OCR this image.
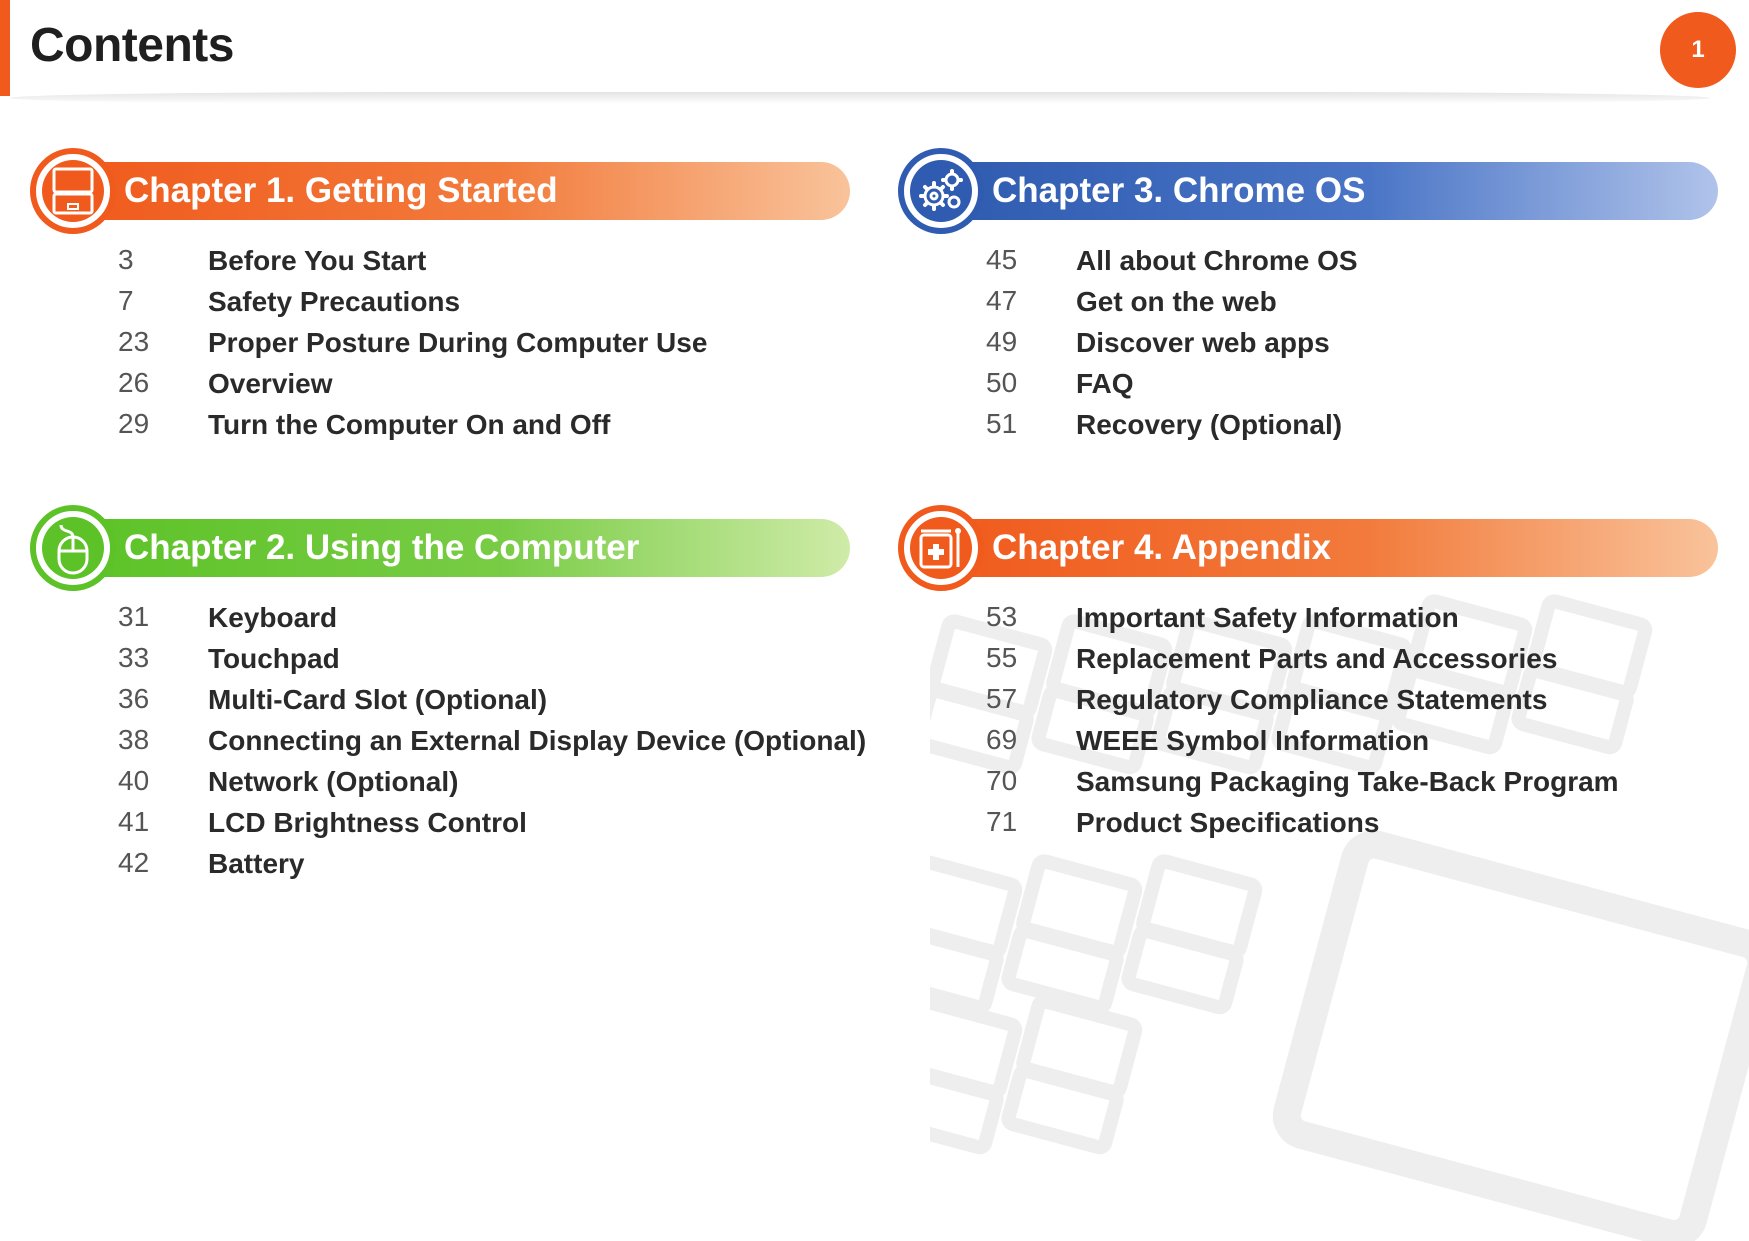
Contents	1
Chapter 1. Getting Started
3	Before You Start
7	Safety Precautions
23	Proper Posture During Computer Use
26	Overview
29	Turn the Computer On and Off
Chapter 2. Using the Computer
31	Keyboard
33	Touchpad
36	Multi-Card Slot (Optional)
38	Connecting an External Display Device (Optional)
40	Network (Optional)
41	LCD Brightness Control
42	Battery
Chapter 3. Chrome OS
45	All about Chrome OS
47	Get on the web
49	Discover web apps
50	FAQ
51	Recovery (Optional)
Chapter 4. Appendix
53	Important Safety Information
55	Replacement Parts and Accessories
57	Regulatory Compliance Statements
69	WEEE Symbol Information
70	Samsung Packaging Take-Back Program
71	Product Specifications
